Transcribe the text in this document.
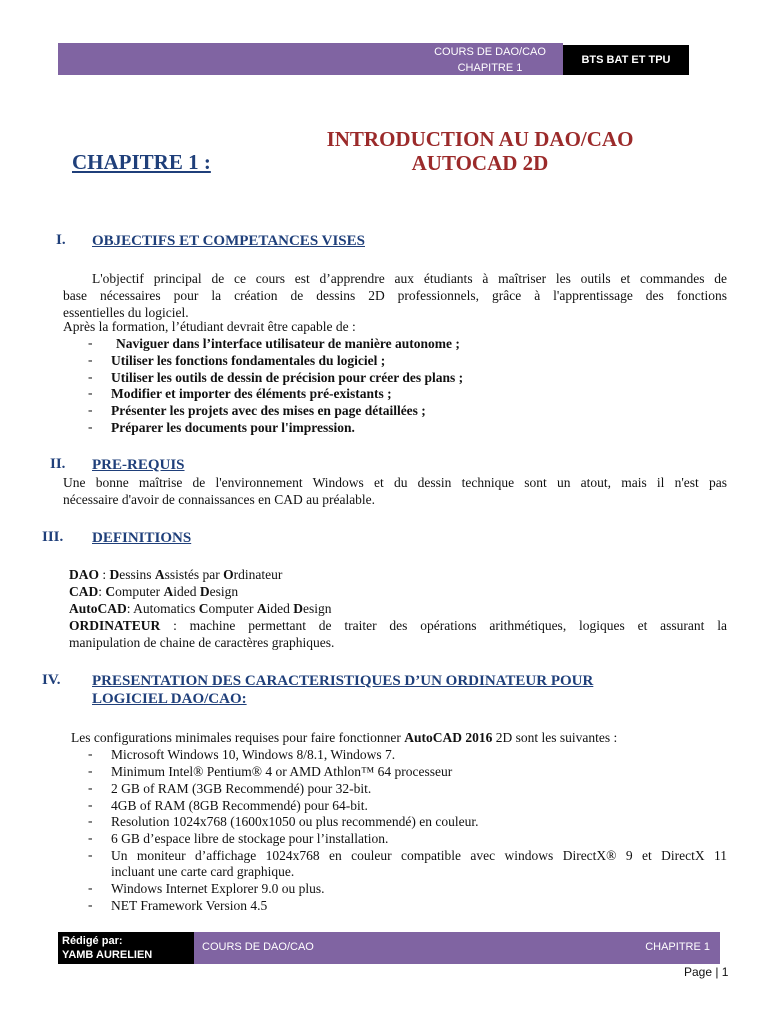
COURS DE DAO/CAO
CHAPITRE 1
BTS BAT ET TPU
CHAPITRE 1 :
INTRODUCTION AU DAO/CAO
AUTOCAD 2D
I. OBJECTIFS ET COMPETANCES VISES
L'objectif principal de ce cours est d’apprendre aux étudiants à maîtriser les outils et commandes de
base nécessaires pour la création de dessins 2D professionnels, grâce à l'apprentissage des fonctions
essentielles du logiciel.
Après la formation, l’étudiant devrait être capable de :
- Naviguer dans l’interface utilisateur de manière autonome ;
- Utiliser les fonctions fondamentales du logiciel ;
- Utiliser les outils de dessin de précision pour créer des plans ;
- Modifier et importer des éléments pré-existants ;
- Présenter les projets avec des mises en page détaillées ;
- Préparer les documents pour l'impression.
II. PRE-REQUIS
Une bonne maîtrise de l'environnement Windows et du dessin technique sont un atout, mais il n'est pas
nécessaire d'avoir de connaissances en CAD au préalable.
III. DEFINITIONS
DAO : Dessins Assistés par Ordinateur
CAD: Computer Aided Design
AutoCAD: Automatics Computer Aided Design
ORDINATEUR : machine permettant de traiter des opérations arithmétiques, logiques et assurant la
manipulation de chaine de caractères graphiques.
IV. PRESENTATION DES CARACTERISTIQUES D’UN ORDINATEUR POUR
LOGICIEL DAO/CAO:
Les configurations minimales requises pour faire fonctionner AutoCAD 2016 2D sont les suivantes :
- Microsoft Windows 10, Windows 8/8.1, Windows 7.
- Minimum Intel® Pentium® 4 or AMD Athlon™ 64 processeur
- 2 GB of RAM (3GB Recommendé) pour 32-bit.
- 4GB of RAM (8GB Recommendé) pour 64-bit.
- Resolution 1024x768 (1600x1050 ou plus recommendé) en couleur.
- 6 GB d’espace libre de stockage pour l’installation.
- Un moniteur d’affichage 1024x768 en couleur compatible avec windows DirectX® 9 et DirectX 11
incluant une carte card graphique.
- Windows Internet Explorer 9.0 ou plus.
- NET Framework Version 4.5
Rédigé par:
YAMB AURELIEN
COURS DE DAO/CAO	CHAPITRE 1
Page | 1
